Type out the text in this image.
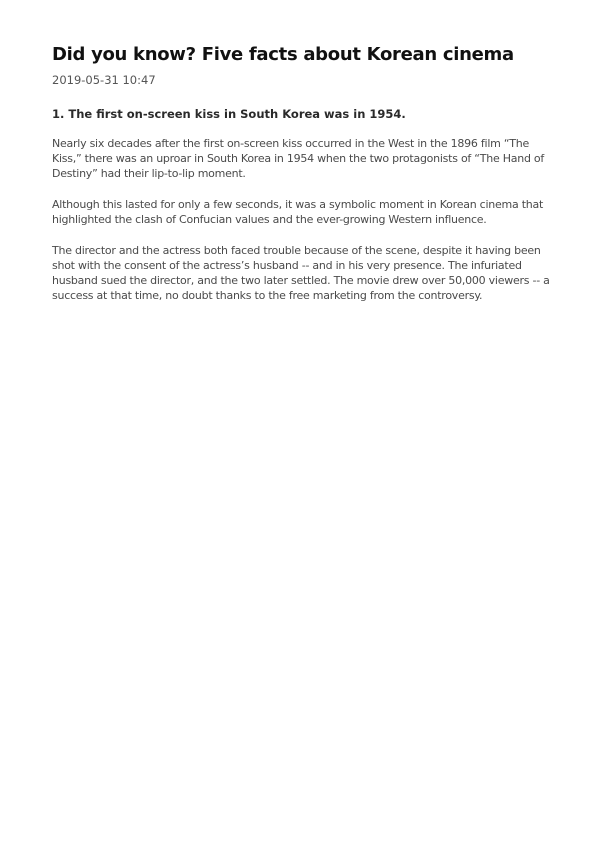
Did you know? Five facts about Korean cinema
2019-05-31 10:47
1. The first on-screen kiss in South Korea was in 1954.

Nearly six decades after the first on-screen kiss occurred in the West in the 1896 film “The Kiss,” there was an uproar in South Korea in 1954 when the two protagonists of “The Hand of Destiny” had their lip-to-lip moment.

Although this lasted for only a few seconds, it was a symbolic moment in Korean cinema that highlighted the clash of Confucian values and the ever-growing Western influence.

The director and the actress both faced trouble because of the scene, despite it having been shot with the consent of the actress’s husband -- and in his very presence. The infuriated husband sued the director, and the two later settled. The movie drew over 50,000 viewers -- a success at that time, no doubt thanks to the free marketing from the controversy.
